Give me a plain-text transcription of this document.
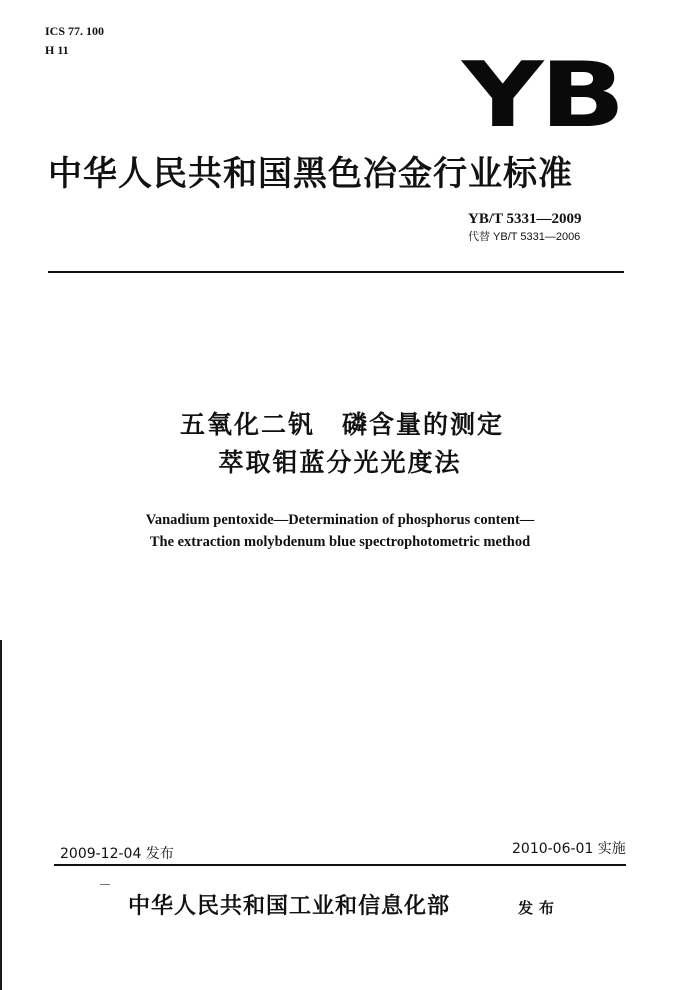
ICS 77. 100
H 11	YB
中华人民共和国黑色冶金行业标准
YB/T 5331—2009
代替 YB/T 5331—2006
五氧化二钒　磷含量的测定
萃取钼蓝分光光度法
Vanadium pentoxide—Determination of phosphorus content—
The extraction molybdenum blue spectrophotometric method
2009-12-04 发布	2010-06-01 实施
中华人民共和国工业和信息化部	发布
